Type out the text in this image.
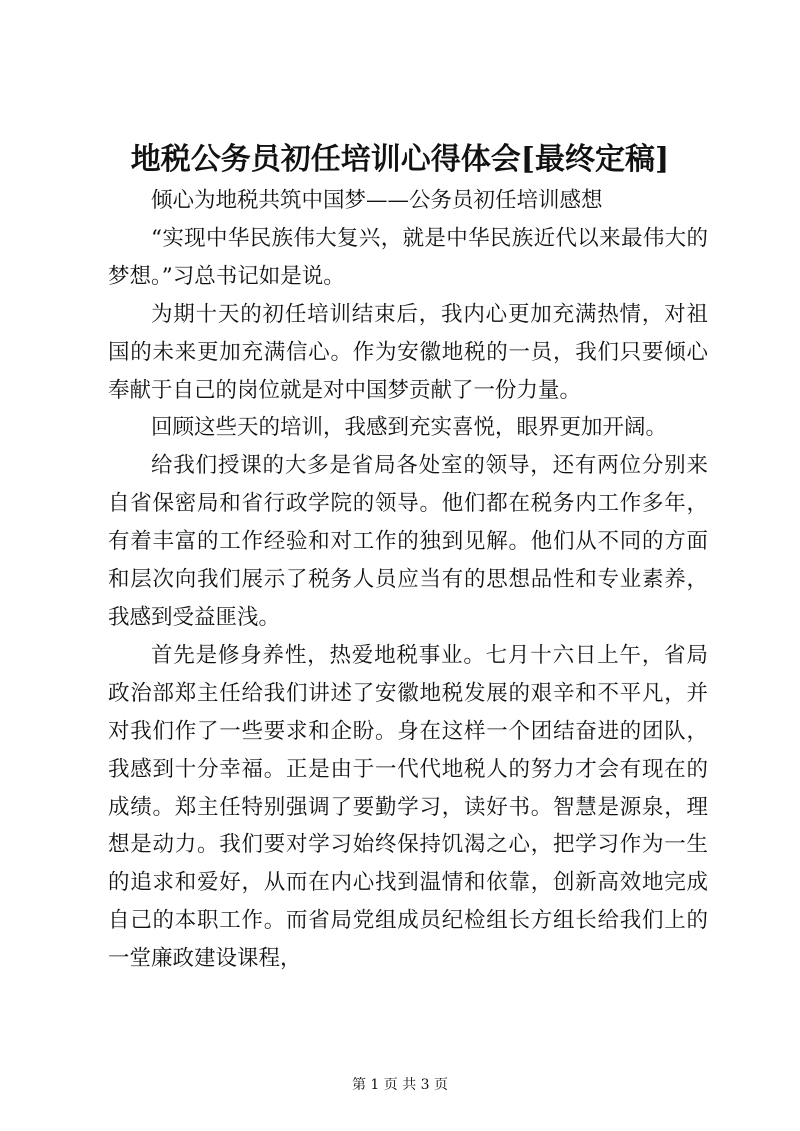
地税公务员初任培训心得体会[最终定稿]

倾心为地税共筑中国梦——公务员初任培训感想

“实现中华民族伟大复兴，就是中华民族近代以来最伟大的梦想。”习总书记如是说。

为期十天的初任培训结束后，我内心更加充满热情，对祖国的未来更加充满信心。作为安徽地税的一员，我们只要倾心奉献于自己的岗位就是对中国梦贡献了一份力量。

回顾这些天的培训，我感到充实喜悦，眼界更加开阔。

给我们授课的大多是省局各处室的领导，还有两位分别来自省保密局和省行政学院的领导。他们都在税务内工作多年，有着丰富的工作经验和对工作的独到见解。他们从不同的方面和层次向我们展示了税务人员应当有的思想品性和专业素养，我感到受益匪浅。

首先是修身养性，热爱地税事业。七月十六日上午，省局政治部郑主任给我们讲述了安徽地税发展的艰辛和不平凡，并对我们作了一些要求和企盼。身在这样一个团结奋进的团队，我感到十分幸福。正是由于一代代地税人的努力才会有现在的成绩。郑主任特别强调了要勤学习，读好书。智慧是源泉，理想是动力。我们要对学习始终保持饥渴之心，把学习作为一生的追求和爱好，从而在内心找到温情和依靠，创新高效地完成自己的本职工作。而省局党组成员纪检组长方组长给我们上的一堂廉政建设课程，

第 1 页 共 3 页
